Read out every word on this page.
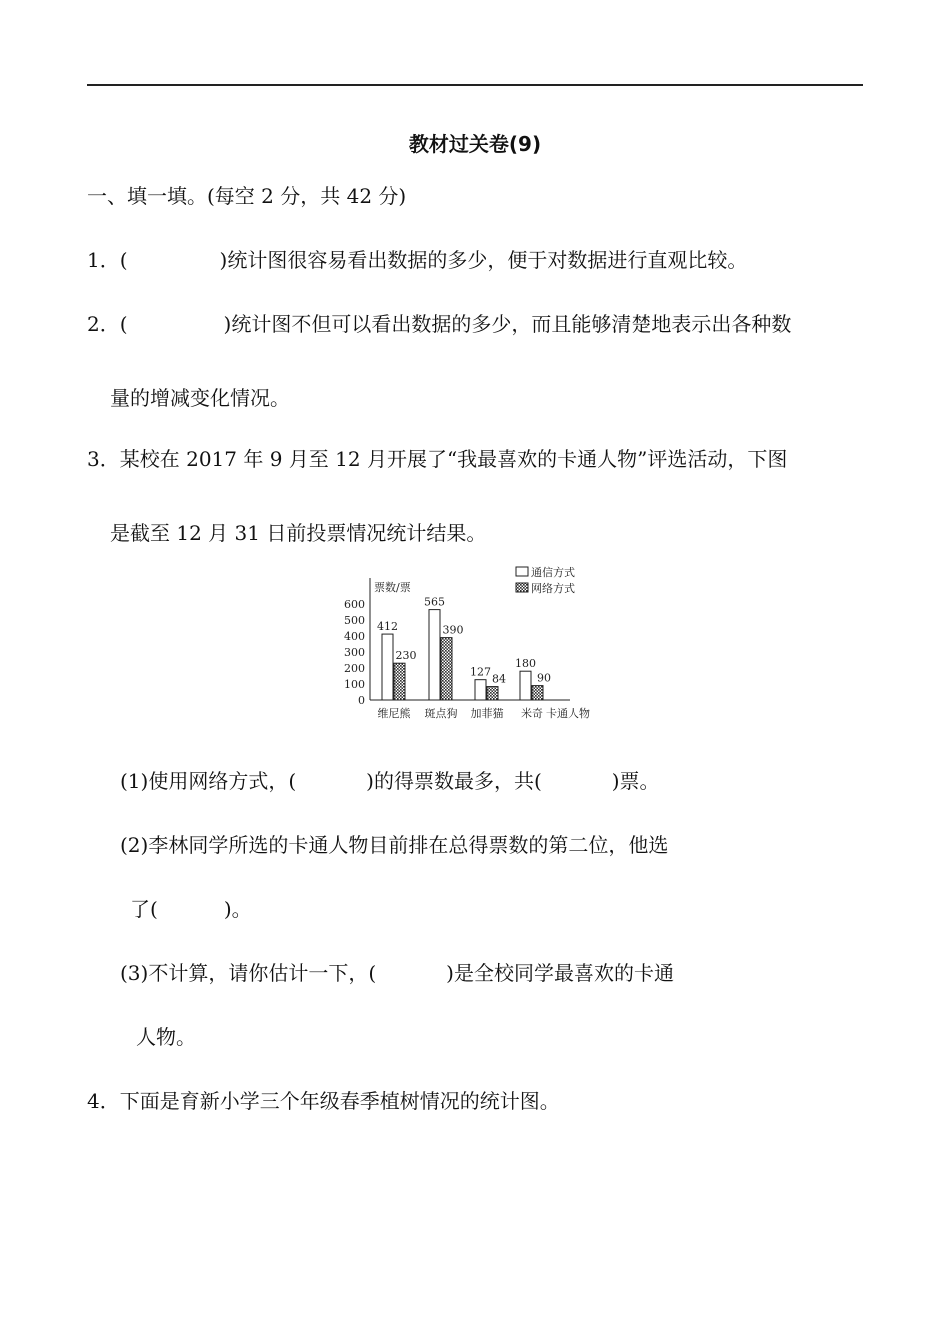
教材过关卷(9)
一、填一填。(每空 2 分，共 42 分)
1．(	)统计图很容易看出数据的多少，便于对数据进行直观比较。
2．(	)统计图不但可以看出数据的多少，而且能够清楚地表示出各种数
量的增减变化情况。
3．某校在 2017 年 9 月至 12 月开展了“我最喜欢的卡通人物”评选活动，下图
是截至 12 月 31 日前投票情况统计结果。
0
100
200
300
400
500
600
票数/票
412
230
维尼熊
565
390
斑点狗
127
84
加菲猫
180
90
米奇 卡通人物
通信方式
网络方式
(1)使用网络方式，(	)的得票数最多，共(	)票。
(2)李林同学所选的卡通人物目前排在总得票数的第二位，他选
了(	)。
(3)不计算，请你估计一下，(	)是全校同学最喜欢的卡通
人物。
4．下面是育新小学三个年级春季植树情况的统计图。
